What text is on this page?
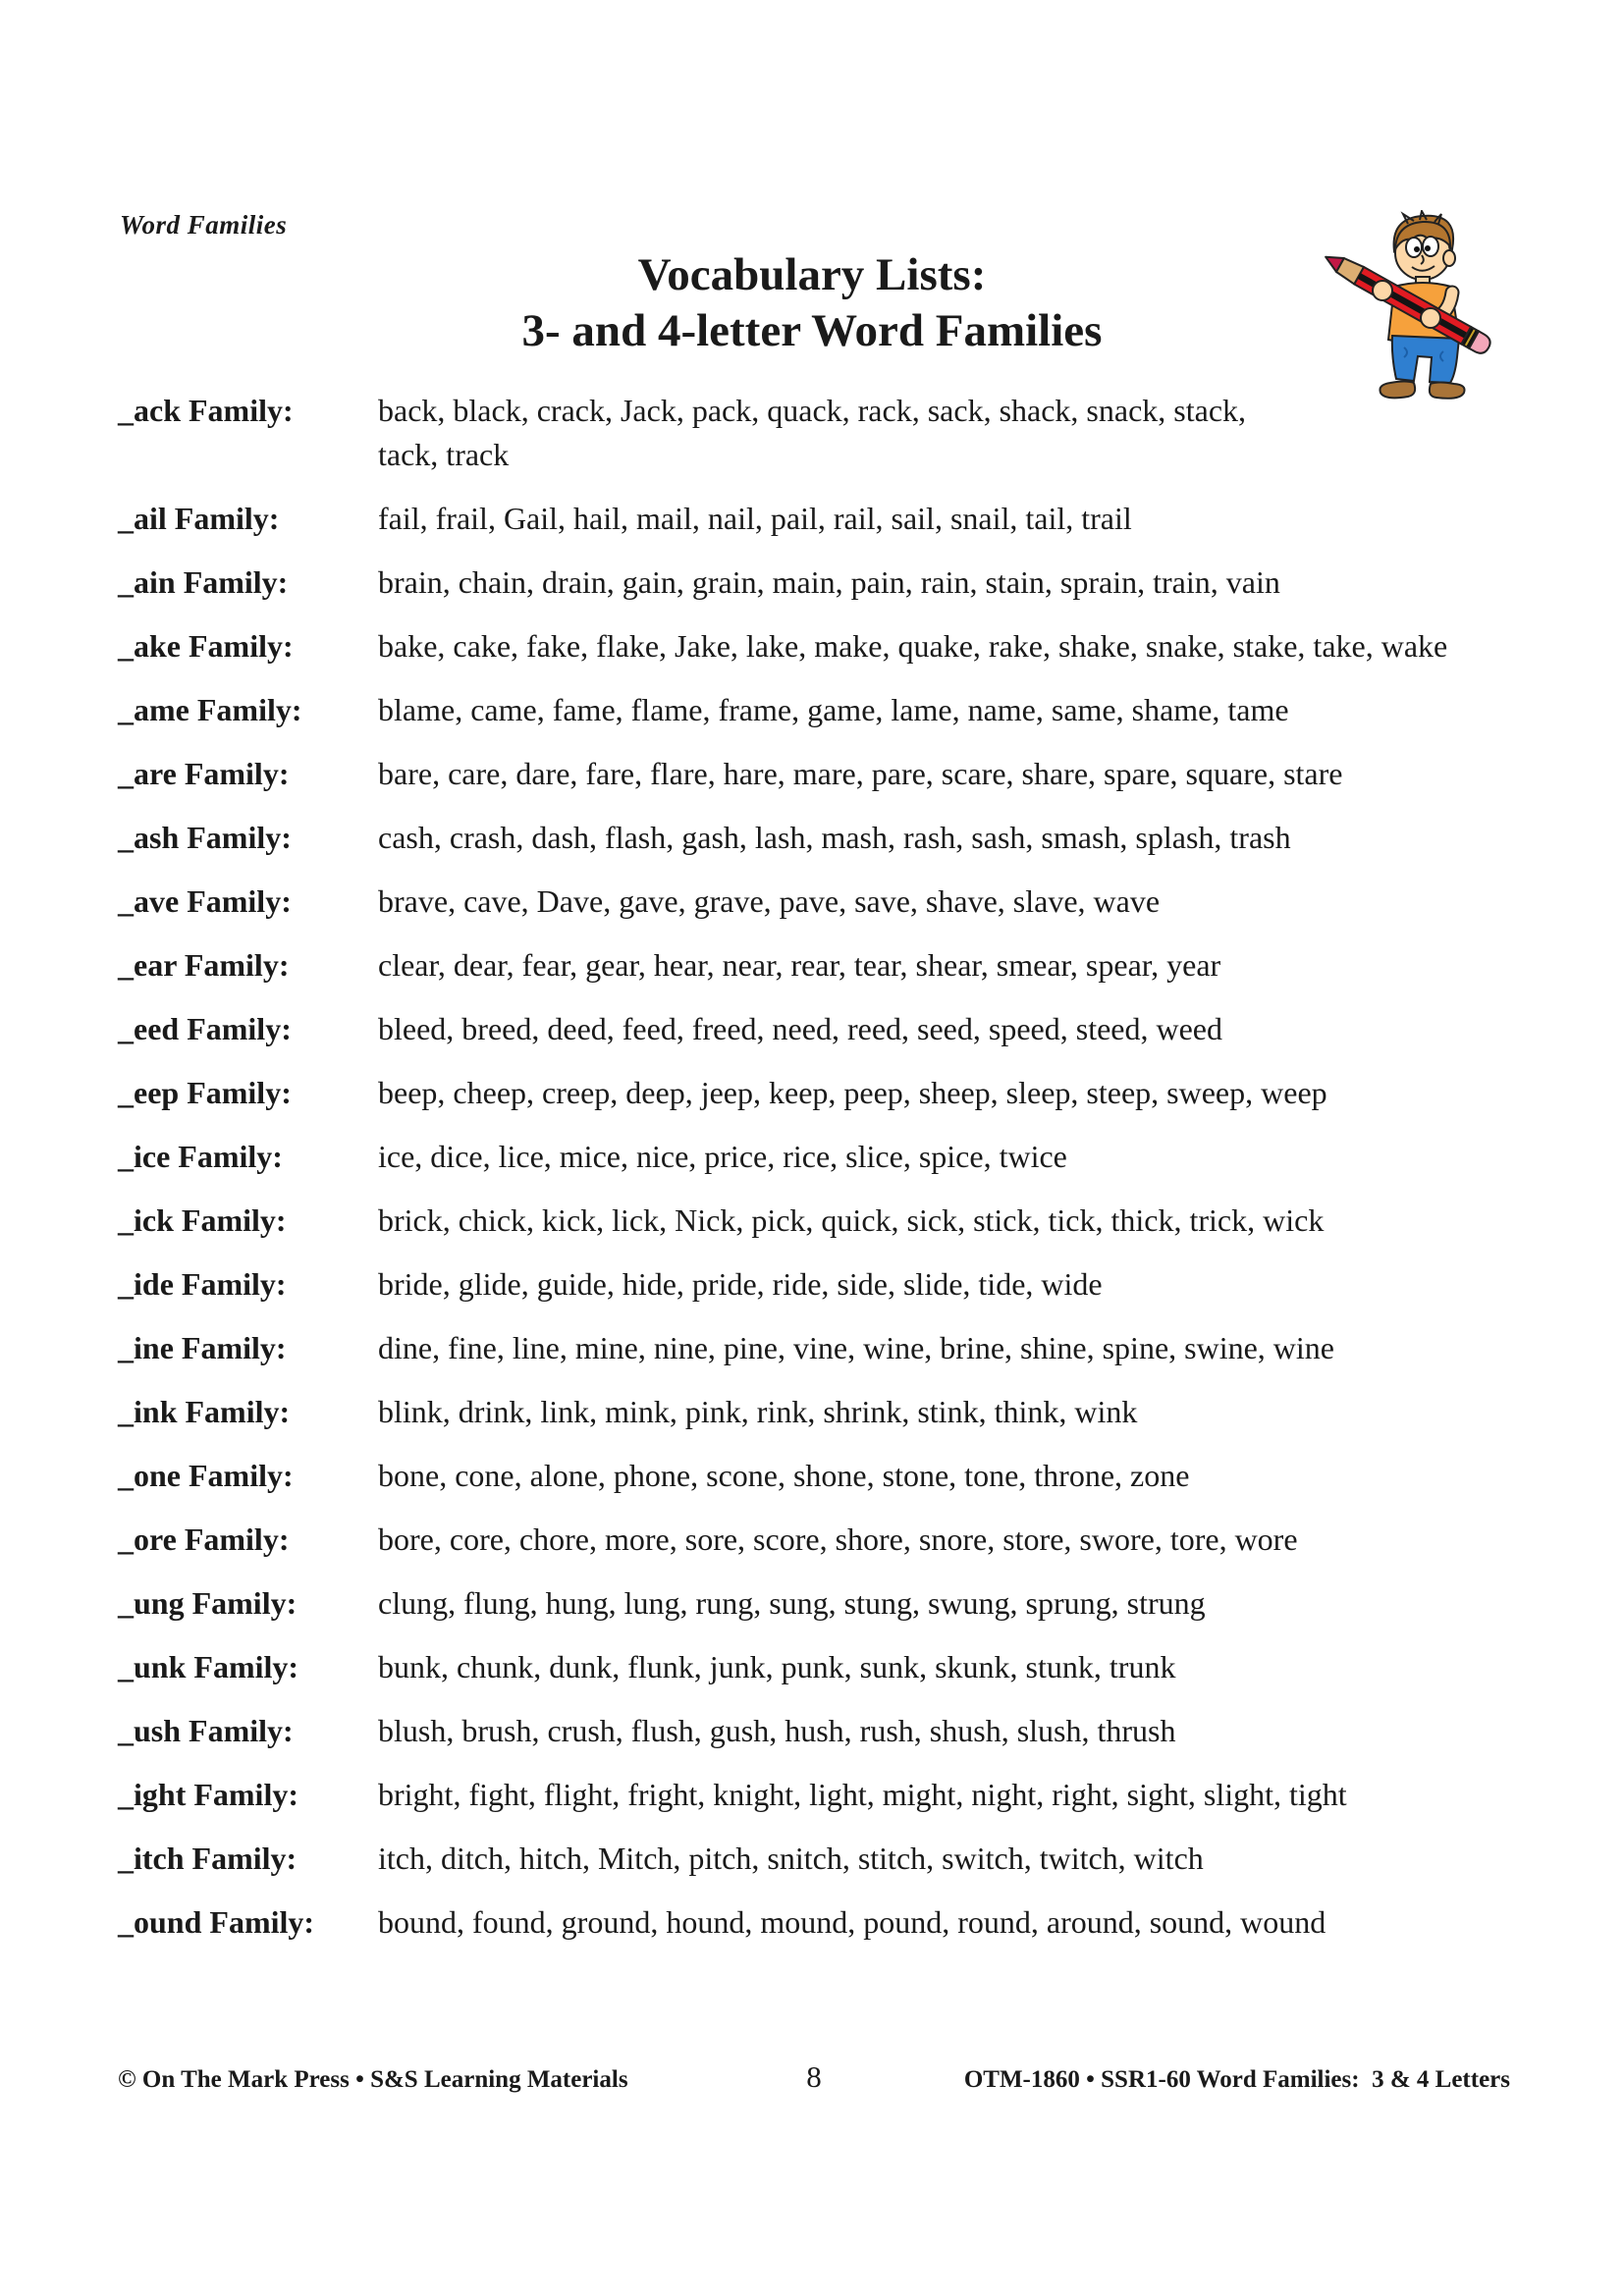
Word Families
Vocabulary Lists:
3- and 4-letter Word Families
_ack Family:	back, black, crack, Jack, pack, quack, rack, sack, shack, snack, stack, tack, track
_ail Family:	fail, frail, Gail, hail, mail, nail, pail, rail, sail, snail, tail, trail
_ain Family:	brain, chain, drain, gain, grain, main, pain, rain, stain, sprain, train, vain
_ake Family:	bake, cake, fake, flake, Jake, lake, make, quake, rake, shake, snake, stake, take, wake
_ame Family:	blame, came, fame, flame, frame, game, lame, name, same, shame, tame
_are Family:	bare, care, dare, fare, flare, hare, mare, pare, scare, share, spare, square, stare
_ash Family:	cash, crash, dash, flash, gash, lash, mash, rash, sash, smash, splash, trash
_ave Family:	brave, cave, Dave, gave, grave, pave, save, shave, slave, wave
_ear Family:	clear, dear, fear, gear, hear, near, rear, tear, shear, smear, spear, year
_eed Family:	bleed, breed, deed, feed, freed, need, reed, seed, speed, steed, weed
_eep Family:	beep, cheep, creep, deep, jeep, keep, peep, sheep, sleep, steep, sweep, weep
_ice Family:	ice, dice, lice, mice, nice, price, rice, slice, spice, twice
_ick Family:	brick, chick, kick, lick, Nick, pick, quick, sick, stick, tick, thick, trick, wick
_ide Family:	bride, glide, guide, hide, pride, ride, side, slide, tide, wide
_ine Family:	dine, fine, line, mine, nine, pine, vine, wine, brine, shine, spine, swine, wine
_ink Family:	blink, drink, link, mink, pink, rink, shrink, stink, think, wink
_one Family:	bone, cone, alone, phone, scone, shone, stone, tone, throne, zone
_ore Family:	bore, core, chore, more, sore, score, shore, snore, store, swore, tore, wore
_ung Family:	clung, flung, hung, lung, rung, sung, stung, swung, sprung, strung
_unk Family:	bunk, chunk, dunk, flunk, junk, punk, sunk, skunk, stunk, trunk
_ush Family:	blush, brush, crush, flush, gush, hush, rush, shush, slush, thrush
_ight Family:	bright, fight, flight, fright, knight, light, might, night, right, sight, slight, tight
_itch Family:	itch, ditch, hitch, Mitch, pitch, snitch, stitch, switch, twitch, witch
_ound Family:	bound, found, ground, hound, mound, pound, round, around, sound, wound
© On The Mark Press • S&S Learning Materials	8	OTM-1860 • SSR1-60 Word Families:  3 & 4 Letters
